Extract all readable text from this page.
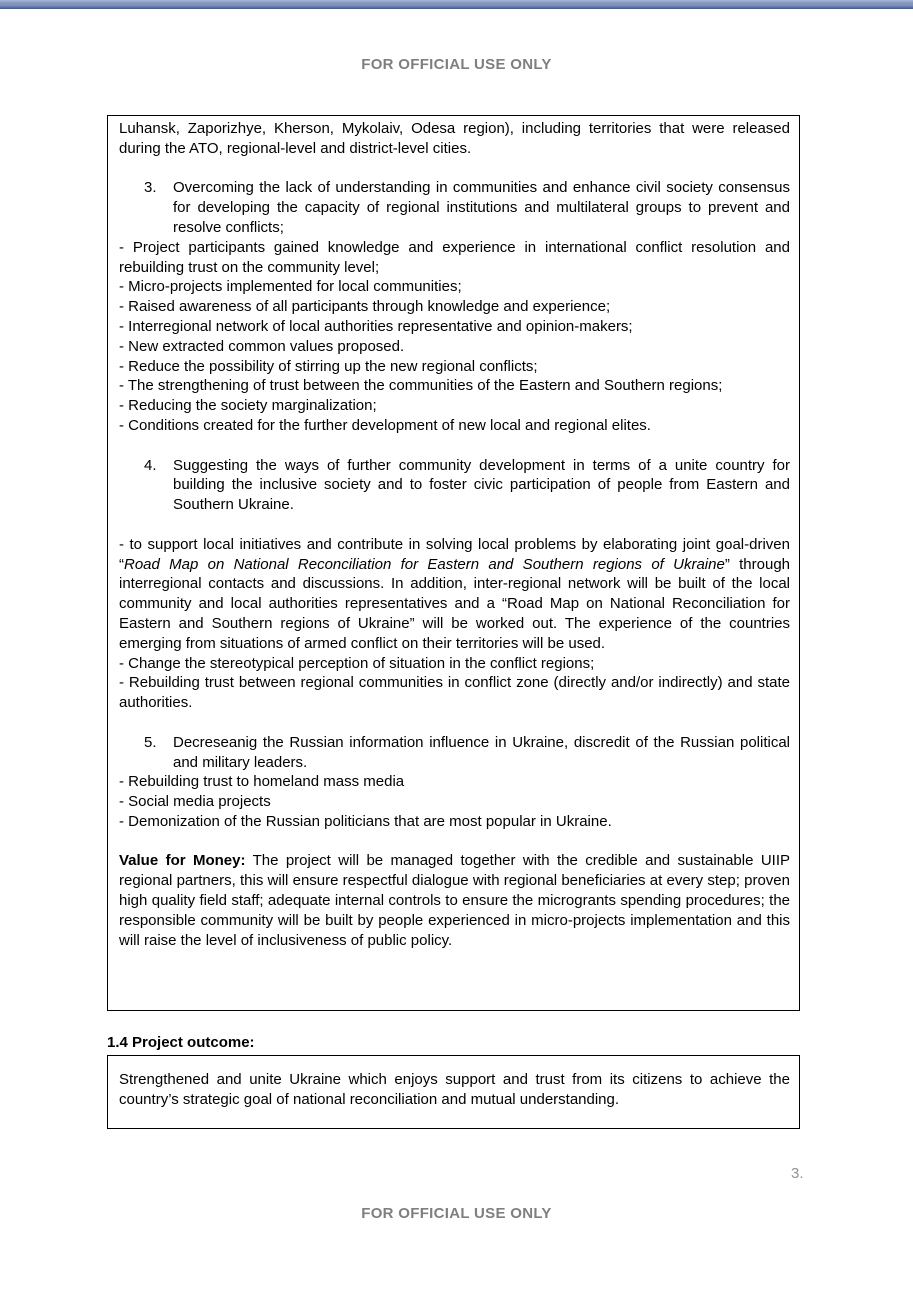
FOR OFFICIAL USE ONLY

Luhansk, Zaporizhye, Kherson, Mykolaiv, Odesa region), including territories that were released during the ATO, regional-level and district-level cities.

3.	Overcoming the lack of understanding in communities and enhance civil society consensus for developing the capacity of regional institutions and multilateral groups to prevent and resolve conflicts;

- Project participants gained knowledge and experience in international conflict resolution and rebuilding trust on the community level;

- Micro-projects implemented for local communities;

- Raised awareness of all participants through knowledge and experience;

- Interregional network of local authorities representative and opinion-makers;

- New extracted common values proposed.

- Reduce the possibility of stirring up the new regional conflicts;

- The strengthening of trust between the communities of the Eastern and Southern regions;

- Reducing the society marginalization;

- Conditions created for the further development of new local and regional elites.

4.	Suggesting the ways of further community development in terms of a unite country for building the inclusive society and to foster civic participation of people from Eastern and Southern Ukraine.

- to support local initiatives and contribute in solving local problems by elaborating joint goal-driven “Road Map on National Reconciliation for Eastern and Southern regions of Ukraine” through interregional contacts and discussions. In addition, inter-regional network will be built of the local community and local authorities representatives and a “Road Map on National Reconciliation for Eastern and Southern regions of Ukraine” will be worked out. The experience of the countries emerging from situations of armed conflict on their territories will be used.

- Change the stereotypical perception of situation in the conflict regions;

- Rebuilding trust between regional communities in conflict zone (directly and/or indirectly) and state authorities.

5.	Decreseanig the Russian information influence in Ukraine, discredit of the Russian political and military leaders.

- Rebuilding trust to homeland mass media

- Social media projects

- Demonization of the Russian politicians that are most popular in Ukraine.

Value for Money: The project will be managed together with the credible and sustainable UIIP regional partners, this will ensure respectful dialogue with regional beneficiaries at every step; proven high quality field staff; adequate internal controls to ensure the microgrants spending procedures; the responsible community will be built by people experienced in micro-projects implementation and this will raise the level of inclusiveness of public policy.

1.4 Project outcome:

Strengthened and unite Ukraine which enjoys support and trust from its citizens to achieve the country’s strategic goal of national reconciliation and mutual understanding.

3.
FOR OFFICIAL USE ONLY
